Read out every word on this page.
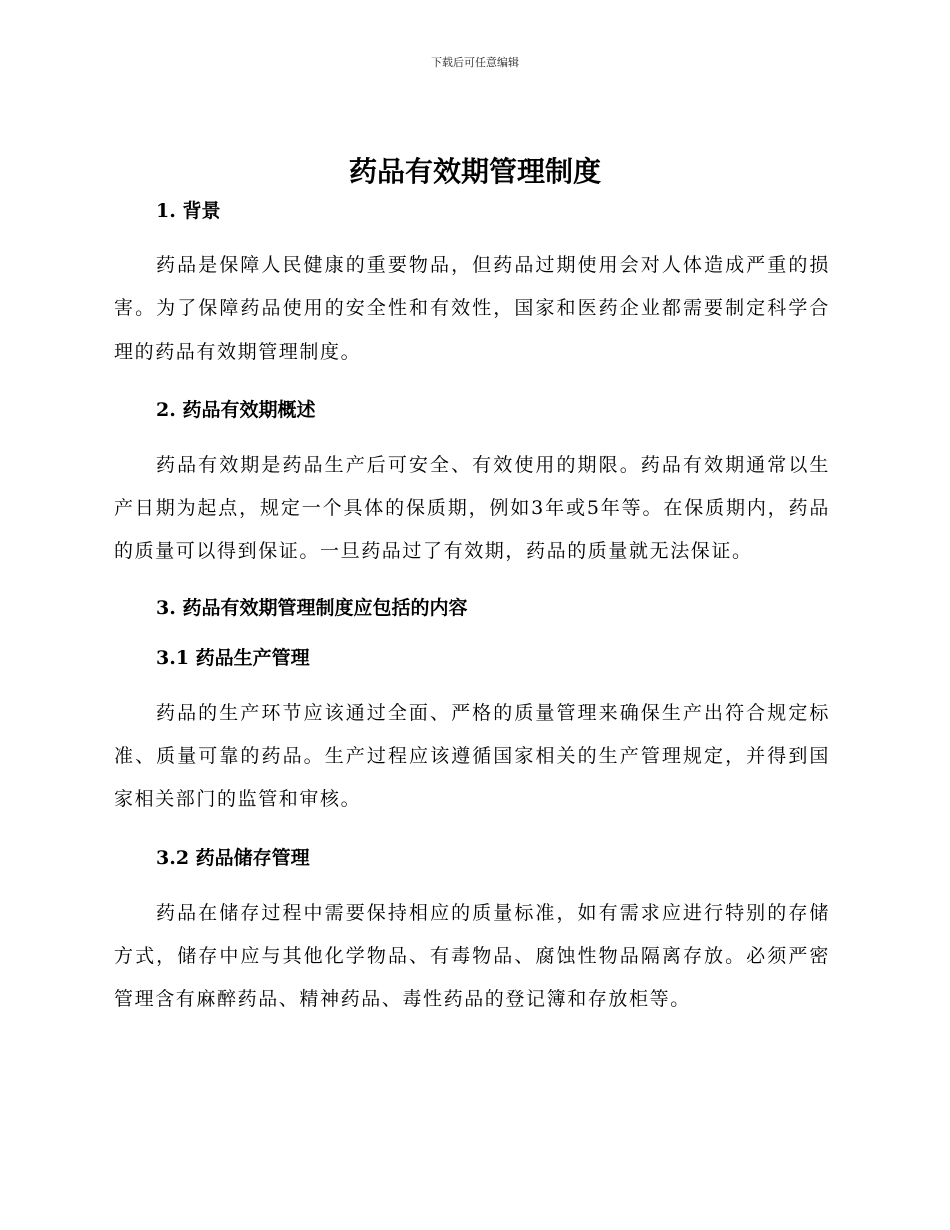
下载后可任意编辑
药品有效期管理制度
1. 背景

药品是保障人民健康的重要物品，但药品过期使用会对人体造成严重的损害。为了保障药品使用的安全性和有效性，国家和医药企业都需要制定科学合理的药品有效期管理制度。

2. 药品有效期概述

药品有效期是药品生产后可安全、有效使用的期限。药品有效期通常以生产日期为起点，规定一个具体的保质期，例如3年或5年等。在保质期内，药品的质量可以得到保证。一旦药品过了有效期，药品的质量就无法保证。

3. 药品有效期管理制度应包括的内容
3.1 药品生产管理

药品的生产环节应该通过全面、严格的质量管理来确保生产出符合规定标准、质量可靠的药品。生产过程应该遵循国家相关的生产管理规定，并得到国家相关部门的监管和审核。

3.2 药品储存管理

药品在储存过程中需要保持相应的质量标准，如有需求应进行特别的存储方式，储存中应与其他化学物品、有毒物品、腐蚀性物品隔离存放。必须严密管理含有麻醉药品、精神药品、毒性药品的登记簿和存放柜等。
